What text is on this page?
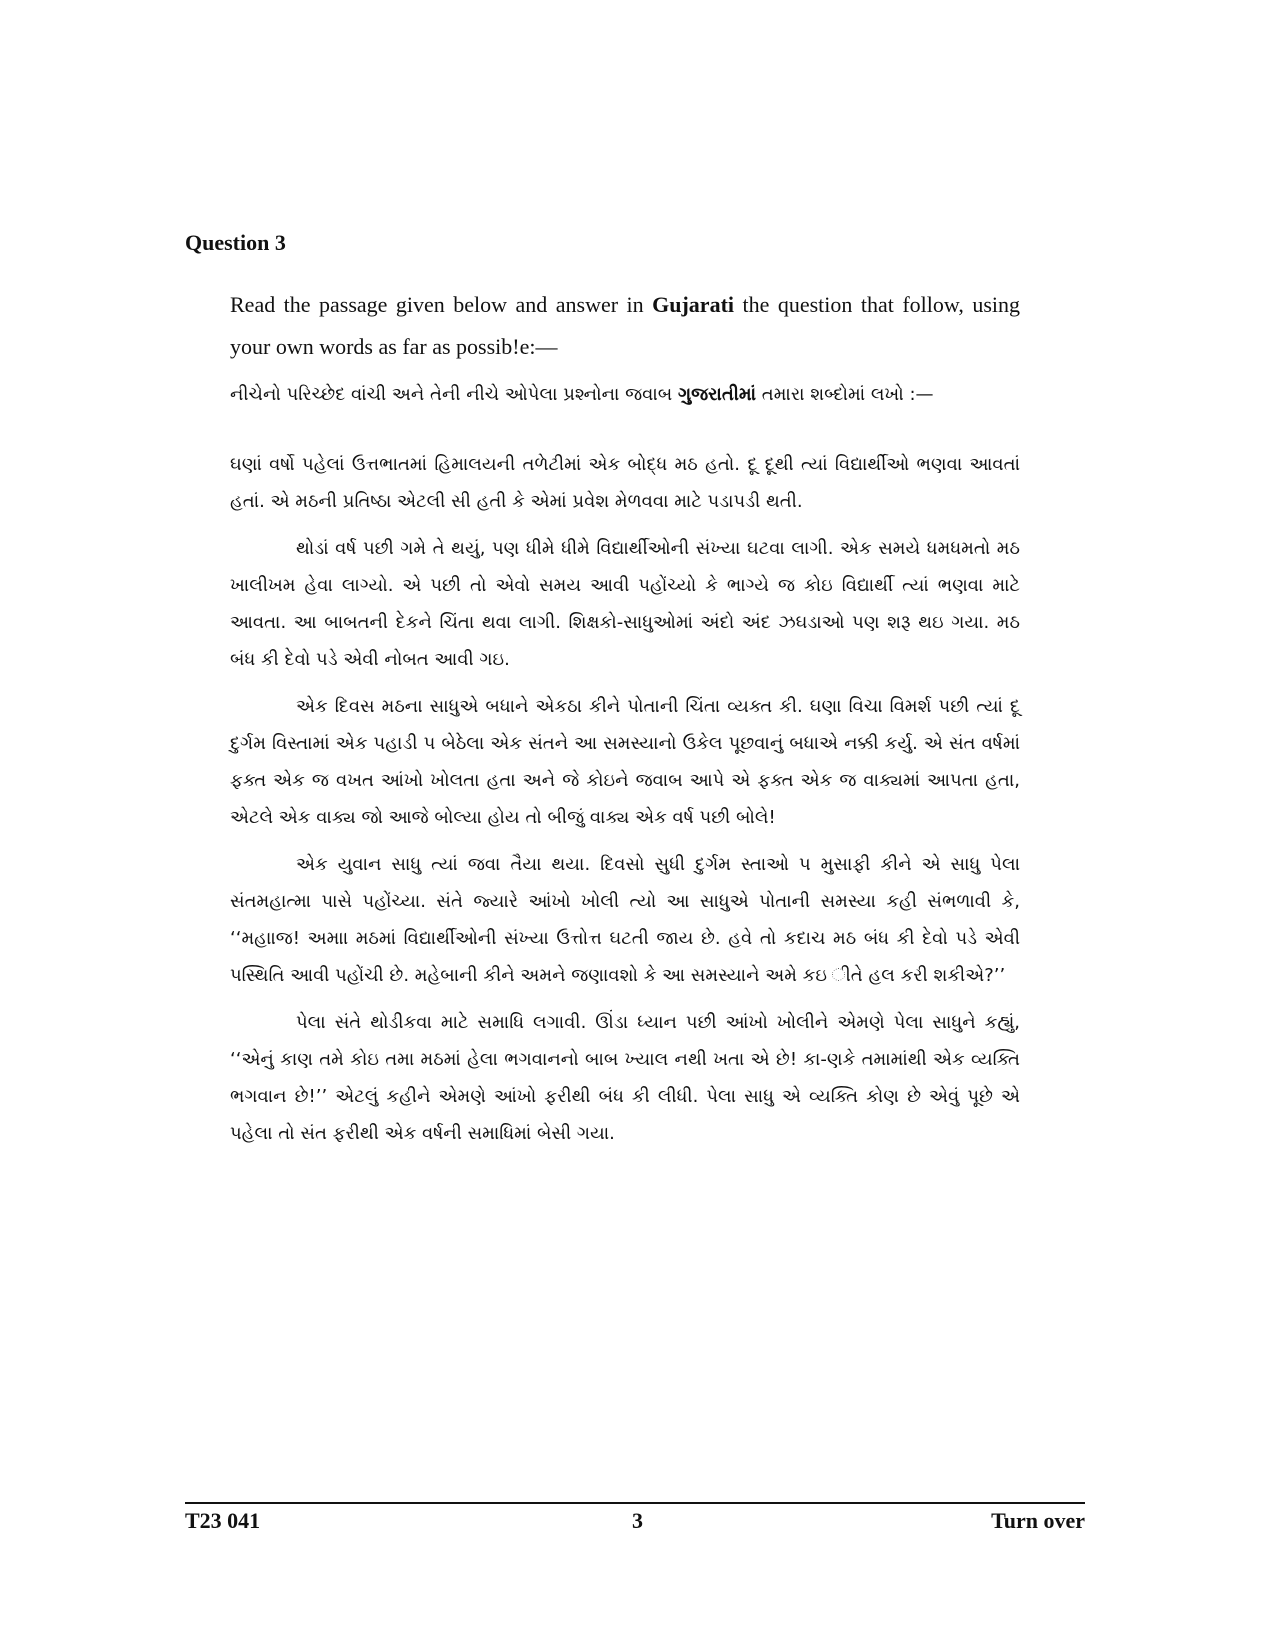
Question 3

Read the passage given below and answer in Gujarati the question that follow, using your own words as far as possib!e:—

નીચેનો પરિચ્છેદ વાંચી અને તેની નીચે ઓપેલા પ્રશ્નોના જવાબ ગુજરાતીમાં તમારા શબ્દોમાં લખો :—

ઘણાં વર્ષો પહેલાં ઉત્તભાતમાં હિમાલયની તળેટીમાં એક બોદ્ધ મઠ હતો. દૂ દૂથી ત્યાં વિદ્યાર્થીઓ ભણવા આવતાં હતાં. એ મઠની પ્રતિષ્ઠા એટલી સી હતી કે એમાં પ્રવેશ મેળવવા માટે પડાપડી થતી.

થોડાં વર્ષ પછી ગમે તે થયું, પણ ધીમે ધીમે વિદ્યાર્થીઓની સંખ્યા ઘટવા લાગી. એક સમયે ધમધમતો મઠ ખાલીખમ હેવા લાગ્યો. એ પછી તો એવો સમય આવી પહોંચ્યો કે ભાગ્યે જ કોઇ વિદ્યાર્થી ત્યાં ભણવા માટે આવતા. આ બાબતની દેકને ચિંતા થવા લાગી. શિક્ષકો-સાધુઓમાં અંદો અંદ ઝઘડાઓ પણ શરૂ થઇ ગયા. મઠ બંધ કી દેવો પડે એવી નોબત આવી ગઇ.

એક દિવસ મઠના સાધુએ બધાને એકઠા કીને પોતાની ચિંતા વ્યક્ત કી. ઘણા વિચા વિમર્શ પછી ત્યાં દૂ દુર્ગમ વિસ્તામાં એક પહાડી પ બેઠેલા એક સંતને આ સમસ્યાનો ઉકેલ પૂછવાનું બધાએ નક્કી કર્યુ. એ સંત વર્ષમાં ફક્ત એક જ વખત આંખો ખોલતા હતા અને જે કોઇને જવાબ આપે એ ફક્ત એક જ વાક્યમાં આપતા હતા, એટલે એક વાક્ય જો આજે બોલ્યા હોય તો બીજું વાક્ય એક વર્ષ પછી બોલે!

એક યુવાન સાધુ ત્યાં જવા તૈયા થયા. દિવસો સુધી દુર્ગમ સ્તાઓ પ મુસાફી કીને એ સાધુ પેલા સંતમહાત્મા પાસે પહોંચ્યા. સંતે જ્યારે આંખો ખોલી ત્યો આ સાધુએ પોતાની સમસ્યા કહી સંભળાવી કે, ‘‘મહાાજ! અમાા મઠમાં વિદ્યાર્થીઓની સંખ્યા ઉત્તોત્ત ઘટતી જાય છે. હવે તો કદાચ મઠ બંધ કી દેવો પડે એવી પસ્થિતિ આવી પહોંચી છે. મહેબાની કીને અમને જણાવશો કે આ સમસ્યાને અમે કઇ ીતે હલ કરી શકીએ?’’

પેલા સંતે થોડીકવા માટે સમાધિ લગાવી. ઊંડા ધ્યાન પછી આંખો ખોલીને એમણે પેલા સાધુને કહ્યું, ‘‘એનું કાણ તમે કોઇ તમા મઠમાં હેલા ભગવાનનો બાબ ખ્યાલ નથી ખતા એ છે! કા-ણકે તમામાંથી એક વ્યક્તિ ભગવાન છે!’’ એટલું કહીને એમણે આંખો ફરીથી બંધ કી લીધી. પેલા સાધુ એ વ્યક્તિ કોણ છે એવું પૂછે એ પહેલા તો સંત ફરીથી એક વર્ષની સમાધિમાં બેસી ગયા.

T23 041	3	Turn over
